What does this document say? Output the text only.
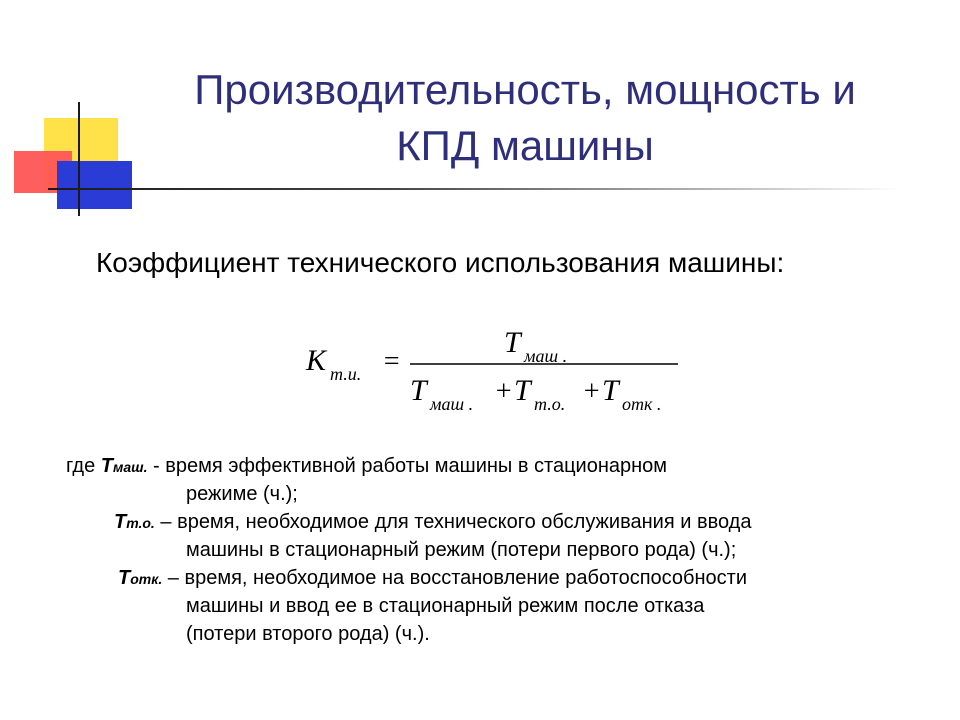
Производительность, мощность и
КПД машины
Коэффициент технического использования машины:
K т.и. =
T маш .
T маш . + T т.о. + T отк .
где Тмаш. - время эффективной работы машины в стационарном
режиме (ч.);
Тт.о. – время, необходимое для технического обслуживания и ввода
машины в стационарный режим (потери первого рода) (ч.);
Тотк. – время, необходимое на восстановление работоспособности
машины и ввод ее в стационарный режим после отказа
(потери второго рода) (ч.).
